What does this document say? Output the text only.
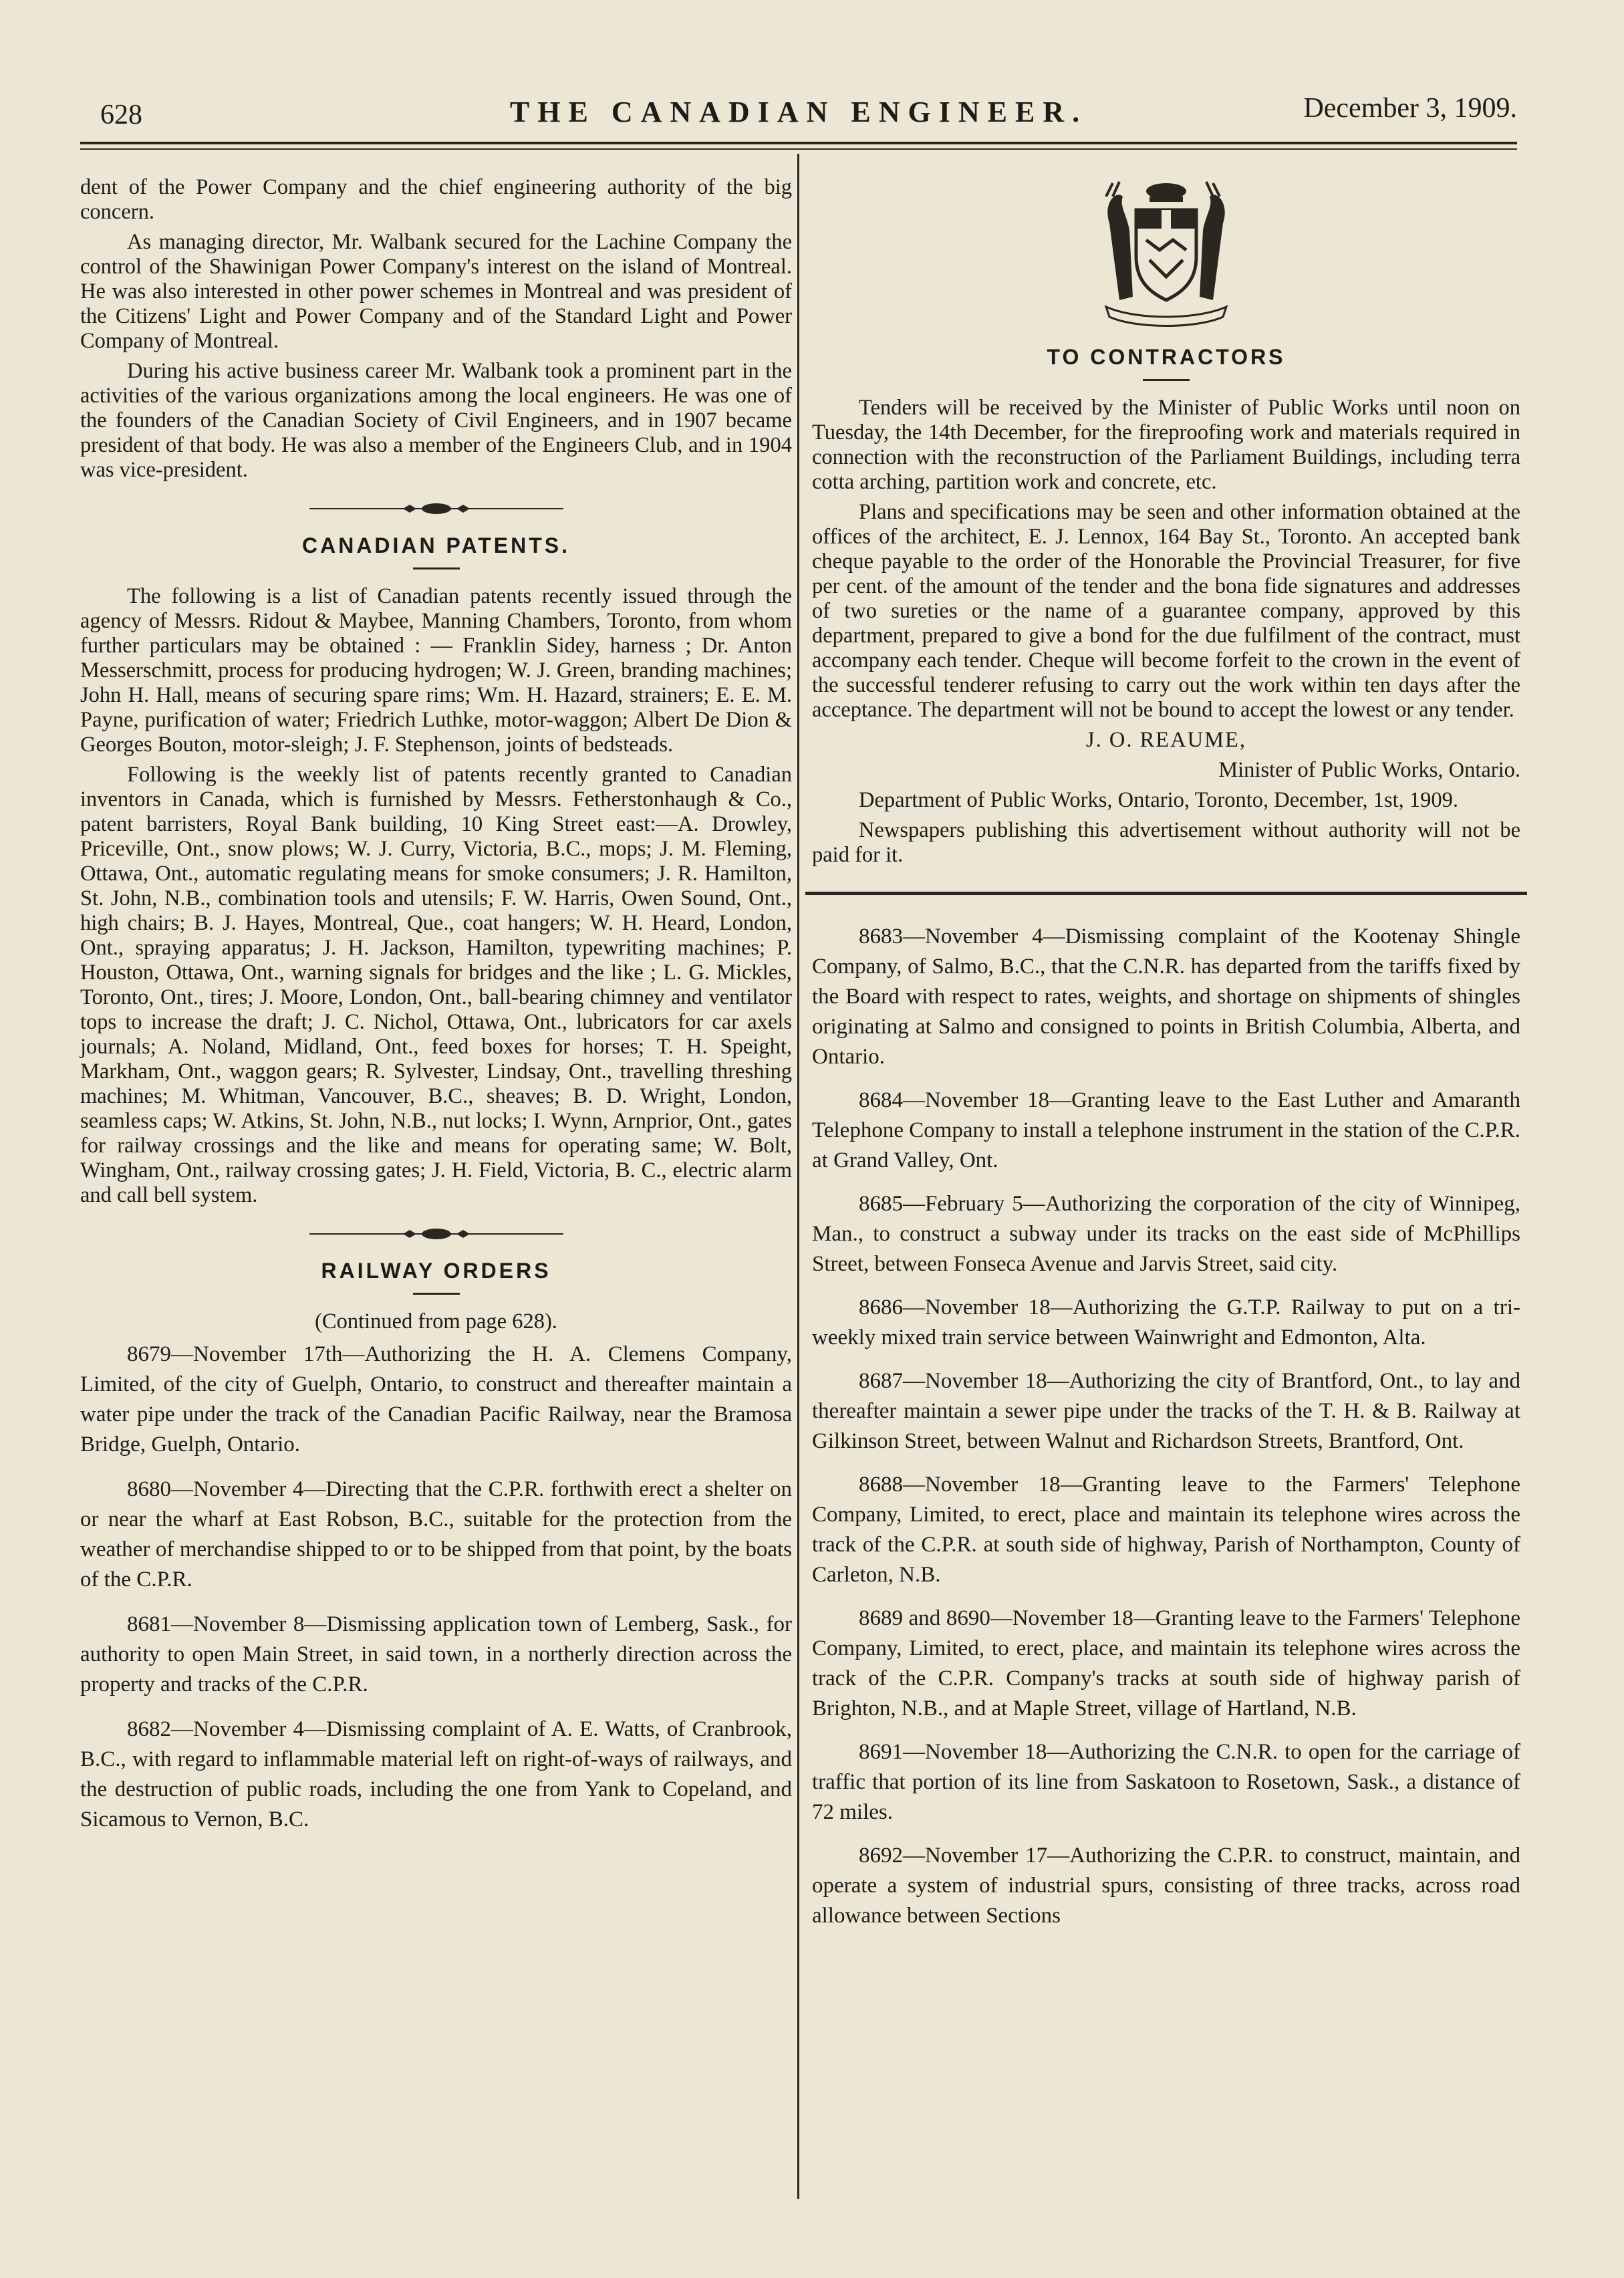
628	THE CANADIAN ENGINEER.	December 3, 1909.

dent of the Power Company and the chief engineering authority of the big concern.

As managing director, Mr. Walbank secured for the Lachine Company the control of the Shawinigan Power Company's interest on the island of Montreal. He was also interested in other power schemes in Montreal and was president of the Citizens' Light and Power Company and of the Standard Light and Power Company of Montreal.

During his active business career Mr. Walbank took a prominent part in the activities of the various organizations among the local engineers. He was one of the founders of the Canadian Society of Civil Engineers, and in 1907 became president of that body. He was also a member of the Engineers Club, and in 1904 was vice-president.

CANADIAN PATENTS.

The following is a list of Canadian patents recently issued through the agency of Messrs. Ridout & Maybee, Manning Chambers, Toronto, from whom further particulars may be obtained : — Franklin Sidey, harness ; Dr. Anton Messerschmitt, process for producing hydrogen; W. J. Green, branding machines; John H. Hall, means of securing spare rims; Wm. H. Hazard, strainers; E. E. M. Payne, purification of water; Friedrich Luthke, motor-waggon; Albert De Dion & Georges Bouton, motor-sleigh; J. F. Stephenson, joints of bedsteads.

Following is the weekly list of patents recently granted to Canadian inventors in Canada, which is furnished by Messrs. Fetherstonhaugh & Co., patent barristers, Royal Bank building, 10 King Street east:—A. Drowley, Priceville, Ont., snow plows; W. J. Curry, Victoria, B.C., mops; J. M. Fleming, Ottawa, Ont., automatic regulating means for smoke consumers; J. R. Hamilton, St. John, N.B., combination tools and utensils; F. W. Harris, Owen Sound, Ont., high chairs; B. J. Hayes, Montreal, Que., coat hangers; W. H. Heard, London, Ont., spraying apparatus; J. H. Jackson, Hamilton, typewriting machines; P. Houston, Ottawa, Ont., warning signals for bridges and the like ; L. G. Mickles, Toronto, Ont., tires; J. Moore, London, Ont., ball-bearing chimney and ventilator tops to increase the draft; J. C. Nichol, Ottawa, Ont., lubricators for car axels journals; A. Noland, Midland, Ont., feed boxes for horses; T. H. Speight, Markham, Ont., waggon gears; R. Sylvester, Lindsay, Ont., travelling threshing machines; M. Whitman, Vancouver, B.C., sheaves; B. D. Wright, London, seamless caps; W. Atkins, St. John, N.B., nut locks; I. Wynn, Arnprior, Ont., gates for railway crossings and the like and means for operating same; W. Bolt, Wingham, Ont., railway crossing gates; J. H. Field, Victoria, B. C., electric alarm and call bell system.

RAILWAY ORDERS

(Continued from page 628).

8679—November 17th—Authorizing the H. A. Clemens Company, Limited, of the city of Guelph, Ontario, to construct and thereafter maintain a water pipe under the track of the Canadian Pacific Railway, near the Bramosa Bridge, Guelph, Ontario.

8680—November 4—Directing that the C.P.R. forthwith erect a shelter on or near the wharf at East Robson, B.C., suitable for the protection from the weather of merchandise shipped to or to be shipped from that point, by the boats of the C.P.R.

8681—November 8—Dismissing application town of Lemberg, Sask., for authority to open Main Street, in said town, in a northerly direction across the property and tracks of the C.P.R.

8682—November 4—Dismissing complaint of A. E. Watts, of Cranbrook, B.C., with regard to inflammable material left on right-of-ways of railways, and the destruction of public roads, including the one from Yank to Copeland, and Sicamous to Vernon, B.C.

TO CONTRACTORS

Tenders will be received by the Minister of Public Works until noon on Tuesday, the 14th December, for the fireproofing work and materials required in connection with the reconstruction of the Parliament Buildings, including terra cotta arching, partition work and concrete, etc.

Plans and specifications may be seen and other information obtained at the offices of the architect, E. J. Lennox, 164 Bay St., Toronto. An accepted bank cheque payable to the order of the Honorable the Provincial Treasurer, for five per cent. of the amount of the tender and the bona fide signatures and addresses of two sureties or the name of a guarantee company, approved by this department, prepared to give a bond for the due fulfilment of the contract, must accompany each tender. Cheque will become forfeit to the crown in the event of the successful tenderer refusing to carry out the work within ten days after the acceptance. The department will not be bound to accept the lowest or any tender.

J. O. REAUME,

Minister of Public Works, Ontario.

Department of Public Works, Ontario, Toronto, December, 1st, 1909.

Newspapers publishing this advertisement without authority will not be paid for it.

8683—November 4—Dismissing complaint of the Kootenay Shingle Company, of Salmo, B.C., that the C.N.R. has departed from the tariffs fixed by the Board with respect to rates, weights, and shortage on shipments of shingles originating at Salmo and consigned to points in British Columbia, Alberta, and Ontario.

8684—November 18—Granting leave to the East Luther and Amaranth Telephone Company to install a telephone instrument in the station of the C.P.R. at Grand Valley, Ont.

8685—February 5—Authorizing the corporation of the city of Winnipeg, Man., to construct a subway under its tracks on the east side of McPhillips Street, between Fonseca Avenue and Jarvis Street, said city.

8686—November 18—Authorizing the G.T.P. Railway to put on a tri-weekly mixed train service between Wainwright and Edmonton, Alta.

8687—November 18—Authorizing the city of Brantford, Ont., to lay and thereafter maintain a sewer pipe under the tracks of the T. H. & B. Railway at Gilkinson Street, between Walnut and Richardson Streets, Brantford, Ont.

8688—November 18—Granting leave to the Farmers' Telephone Company, Limited, to erect, place and maintain its telephone wires across the track of the C.P.R. at south side of highway, Parish of Northampton, County of Carleton, N.B.

8689 and 8690—November 18—Granting leave to the Farmers' Telephone Company, Limited, to erect, place, and maintain its telephone wires across the track of the C.P.R. Company's tracks at south side of highway parish of Brighton, N.B., and at Maple Street, village of Hartland, N.B.

8691—November 18—Authorizing the C.N.R. to open for the carriage of traffic that portion of its line from Saskatoon to Rosetown, Sask., a distance of 72 miles.

8692—November 17—Authorizing the C.P.R. to construct, maintain, and operate a system of industrial spurs, consisting of three tracks, across road allowance between Sections
